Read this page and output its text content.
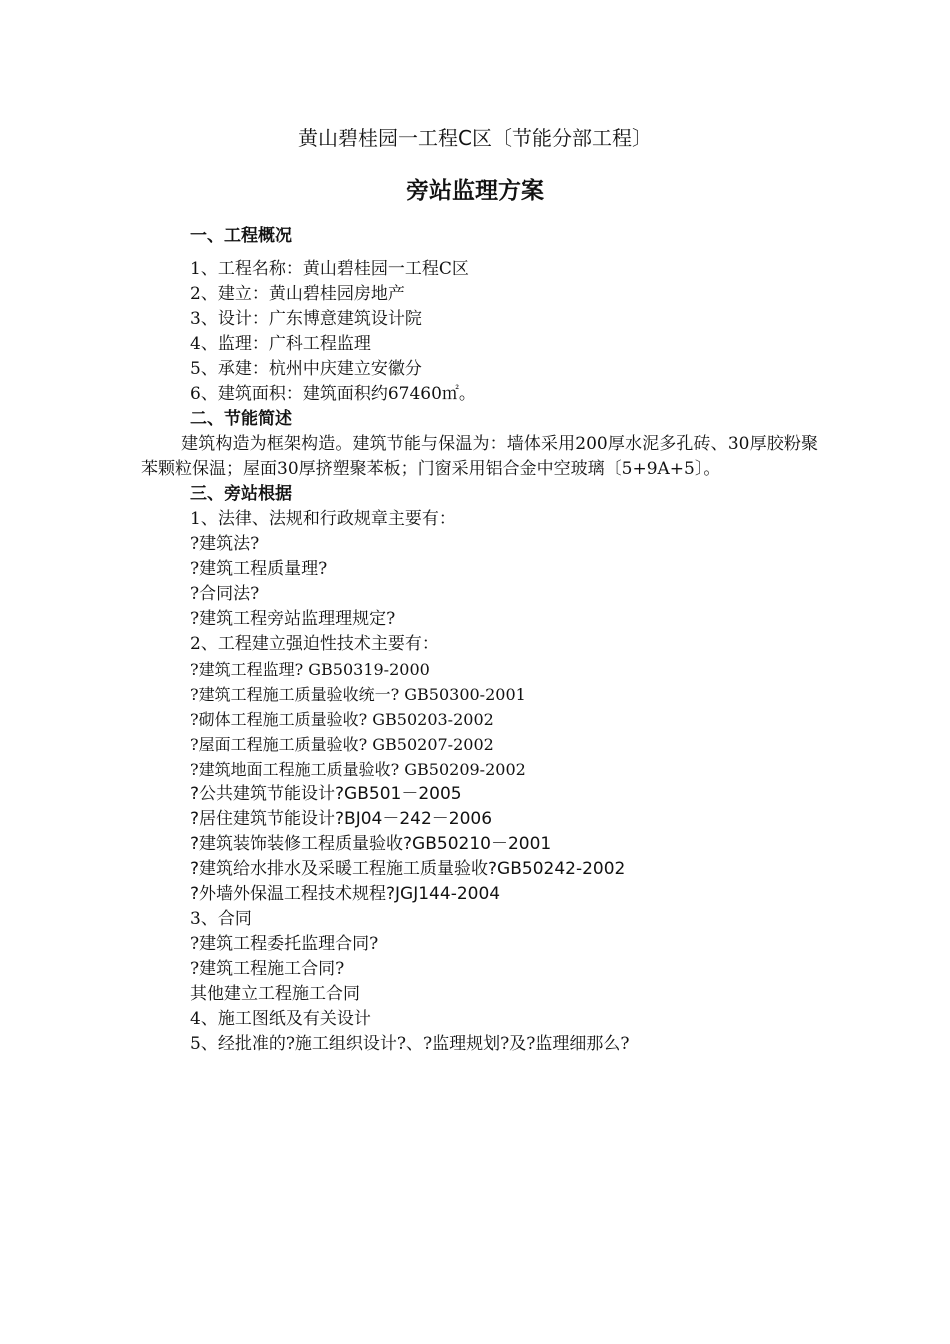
黄山碧桂园一工程C区〔节能分部工程〕
旁站监理方案
一、工程概况
1、工程名称：黄山碧桂园一工程C区
2、建立：黄山碧桂园房地产
3、设计：广东博意建筑设计院
4、监理：广科工程监理
5、承建：杭州中庆建立安徽分
6、建筑面积：建筑面积约67460㎡。
二、节能简述
建筑构造为框架构造。建筑节能与保温为：墙体采用200厚水泥多孔砖、30厚胶粉聚苯颗粒保温；屋面30厚挤塑聚苯板；门窗采用铝合金中空玻璃〔5+9A+5〕。
三、旁站根据
1、法律、法规和行政规章主要有：
?建筑法?
?建筑工程质量理?
?合同法?
?建筑工程旁站监理理规定?
2、工程建立强迫性技术主要有：
?建筑工程监理? GB50319-2000
?建筑工程施工质量验收统一? GB50300-2001
?砌体工程施工质量验收? GB50203-2002
?屋面工程施工质量验收? GB50207-2002
?建筑地面工程施工质量验收? GB50209-2002
?公共建筑节能设计?GB501－2005
?居住建筑节能设计?BJ04－242－2006
?建筑装饰装修工程质量验收?GB50210－2001
?建筑给水排水及采暖工程施工质量验收?GB50242-2002
?外墙外保温工程技术规程?JGJ144-2004
3、合同
?建筑工程委托监理合同?
?建筑工程施工合同?
其他建立工程施工合同
4、施工图纸及有关设计
5、经批准的?施工组织设计?、?监理规划?及?监理细那么?
